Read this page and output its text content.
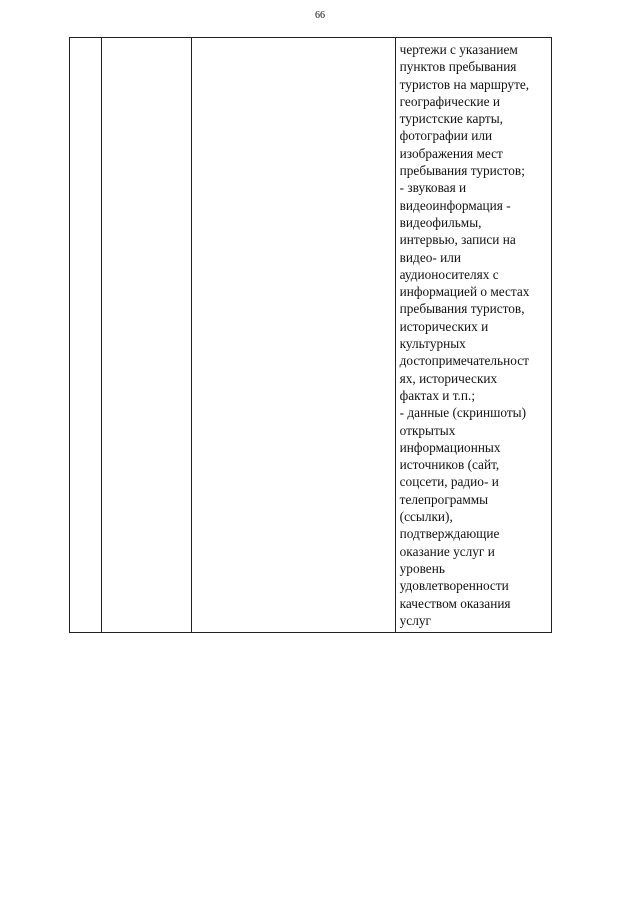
66

чертежи с указанием
пунктов пребывания
туристов на маршруте,
географические и
туристские карты,
фотографии или
изображения мест
пребывания туристов;
- звуковая и
видеоинформация -
видеофильмы,
интервью, записи на
видео- или
аудионосителях с
информацией о местах
пребывания туристов,
исторических и
культурных
достопримечательност
ях, исторических
фактах и т.п.;
- данные (скриншоты)
открытых
информационных
источников (сайт,
соцсети, радио- и
телепрограммы
(ссылки),
подтверждающие
оказание услуг и
уровень
удовлетворенности
качеством оказания
услуг
